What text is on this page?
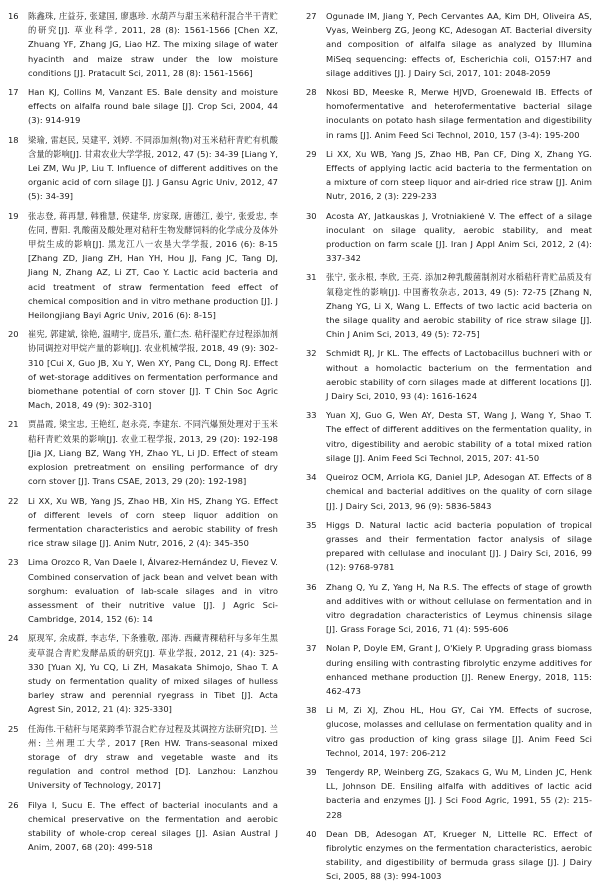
16	陈鑫珠, 庄益芬, 张建国, 廖惠珍. 水葫芦与甜玉米秸秆混合半干青贮的研究[J]. 草业科学, 2011, 28 (8): 1561-1566 [Chen XZ, Zhuang YF, Zhang JG, Liao HZ. The mixing silage of water hyacinth and maize straw under the low moisture conditions [J]. Pratacult Sci, 2011, 28 (8): 1561-1566]
17	Han KJ, Collins M, Vanzant ES. Bale density and moisture effects on alfalfa round bale silage [J]. Crop Sci, 2004, 44 (3): 914-919
18	梁瑜, 雷赵民, 吴建平, 刘婷. 不同添加剂(物)对玉米秸秆青贮有机酸含量的影响[J]. 甘肃农业大学学报, 2012, 47 (5): 34-39 [Liang Y, Lei ZM, Wu JP, Liu T. Influence of different additives on the organic acid of corn silage [J]. J Gansu Agric Univ, 2012, 47 (5): 34-39]
19	张志登, 蒋再慧, 韩雅慧, 侯建华, 房家琛, 唐德江, 姜宁, 张爱忠, 李佐同, 曹阳. 乳酸菌及酸处理对秸秆生物发酵饲料的化学成分及体外甲烷生成的影响[J]. 黑龙江八一农垦大学学报, 2016 (6): 8-15 [Zhang ZD, Jiang ZH, Han YH, Hou JJ, Fang JC, Tang DJ, Jiang N, Zhang AZ, Li ZT, Cao Y. Lactic acid bacteria and acid treatment of straw fermentation feed effect of chemical composition and in vitro methane production [J]. J Heilongjiang Bayi Agric Univ, 2016 (6): 8-15]
20	崔宪, 郭建斌, 徐艳, 温晴宇, 庞昌乐, 董仁杰. 秸秆湿贮存过程添加剂协同调控对甲烷产量的影响[J]. 农业机械学报, 2018, 49 (9): 302-310 [Cui X, Guo JB, Xu Y, Wen XY, Pang CL, Dong RJ. Effect of wet-storage additives on fermentation performance and biomethane potential of corn stover [J]. T Chin Soc Agric Mach, 2018, 49 (9): 302-310]
21	贾晶霞, 梁宝忠, 王艳红, 赵永亮, 李建东. 不同汽爆预处理对于玉米秸秆青贮效果的影响[J]. 农业工程学报, 2013, 29 (20): 192-198 [Jia JX, Liang BZ, Wang YH, Zhao YL, Li JD. Effect of steam explosion pretreatment on ensiling performance of dry corn stover [J]. Trans CSAE, 2013, 29 (20): 192-198]
22	Li XX, Xu WB, Yang JS, Zhao HB, Xin HS, Zhang YG. Effect of different levels of corn steep liquor addition on fermentation characteristics and aerobic stability of fresh rice straw silage [J]. Anim Nutr, 2016, 2 (4): 345-350
23	Lima Orozco R, Van Daele I, Álvarez-Hernández U, Fievez V. Combined conservation of jack bean and velvet bean with sorghum: evaluation of lab-scale silages and in vitro assessment of their nutritive value [J]. J Agric Sci-Cambridge, 2014, 152 (6): 14
24	原现军, 余成群, 李志华, 下条雅敬, 邵涛. 西藏青稞秸秆与多年生黑麦草混合青贮发酵品质的研究[J]. 草业学报, 2012, 21 (4): 325-330 [Yuan XJ, Yu CQ, Li ZH, Masakata Shimojo, Shao T. A study on fermentation quality of mixed silages of hulless barley straw and perennial ryegrass in Tibet [J]. Acta Agrest Sin, 2012, 21 (4): 325-330]
25	任海伟.干秸秆与尾菜跨季节混合贮存过程及其调控方法研究[D]. 兰州: 兰州理工大学, 2017 [Ren HW. Trans-seasonal mixed storage of dry straw and vegetable waste and its regulation and control method [D]. Lanzhou: Lanzhou University of Technology, 2017]
26	Filya I, Sucu E. The effect of bacterial inoculants and a chemical preservative on the fermentation and aerobic stability of whole-crop cereal silages [J]. Asian Austral J Anim, 2007, 68 (20): 499-518
27	Ogunade IM, Jiang Y, Pech Cervantes AA, Kim DH, Oliveira AS, Vyas, Weinberg ZG, Jeong KC, Adesogan AT. Bacterial diversity and composition of alfalfa silage as analyzed by Illumina MiSeq sequencing: effects of, Escherichia coli, O157:H7 and silage additives [J]. J Dairy Sci, 2017, 101: 2048-2059
28	Nkosi BD, Meeske R, Merwe HJVD, Groenewald IB. Effects of homofermentative and heterofermentative bacterial silage inoculants on potato hash silage fermentation and digestibility in rams [J]. Anim Feed Sci Technol, 2010, 157 (3-4): 195-200
29	Li XX, Xu WB, Yang JS, Zhao HB, Pan CF, Ding X, Zhang YG. Effects of applying lactic acid bacteria to the fermentation on a mixture of corn steep liquor and air-dried rice straw [J]. Anim Nutr, 2016, 2 (3): 229-233
30	Acosta AY, Jatkauskas J, Vrotniakienė V. The effect of a silage inoculant on silage quality, aerobic stability, and meat production on farm scale [J]. Iran J Appl Anim Sci, 2012, 2 (4): 337-342
31	张宁, 张永根, 李欣, 王亮. 添加2种乳酸菌制剂对水稻秸秆青贮品质及有氧稳定性的影响[J]. 中国畜牧杂志, 2013, 49 (5): 72-75 [Zhang N, Zhang YG, Li X, Wang L. Effects of two lactic acid bacteria on the silage quality and aerobic stability of rice straw silage [J]. Chin J Anim Sci, 2013, 49 (5): 72-75]
32	Schmidt RJ, Jr KL. The effects of Lactobacillus buchneri with or without a homolactic bacterium on the fermentation and aerobic stability of corn silages made at different locations [J]. J Dairy Sci, 2010, 93 (4): 1616-1624
33	Yuan XJ, Guo G, Wen AY, Desta ST, Wang J, Wang Y, Shao T. The effect of different additives on the fermentation quality, in vitro, digestibility and aerobic stability of a total mixed ration silage [J]. Anim Feed Sci Technol, 2015, 207: 41-50
34	Queiroz OCM, Arriola KG, Daniel JLP, Adesogan AT. Effects of 8 chemical and bacterial additives on the quality of corn silage [J]. J Dairy Sci, 2013, 96 (9): 5836-5843
35	Higgs D. Natural lactic acid bacteria population of tropical grasses and their fermentation factor analysis of silage prepared with cellulase and inoculant [J]. J Dairy Sci, 2016, 99 (12): 9768-9781
36	Zhang Q, Yu Z, Yang H, Na R.S. The effects of stage of growth and additives with or without cellulase on fermentation and in vitro degradation characteristics of Leymus chinensis silage [J]. Grass Forage Sci, 2016, 71 (4): 595-606
37	Nolan P, Doyle EM, Grant J, O'Kiely P. Upgrading grass biomass during ensiling with contrasting fibrolytic enzyme additives for enhanced methane production [J]. Renew Energy, 2018, 115: 462-473
38	Li M, Zi XJ, Zhou HL, Hou GY, Cai YM. Effects of sucrose, glucose, molasses and cellulase on fermentation quality and in vitro gas production of king grass silage [J]. Anim Feed Sci Technol, 2014, 197: 206-212
39	Tengerdy RP, Weinberg ZG, Szakacs G, Wu M, Linden JC, Henk LL, Johnson DE. Ensiling alfalfa with additives of lactic acid bacteria and enzymes [J]. J Sci Food Agric, 1991, 55 (2): 215-228
40	Dean DB, Adesogan AT, Krueger N, Littelle RC. Effect of fibrolytic enzymes on the fermentation characteristics, aerobic stability, and digestibility of bermuda grass silage [J]. J Dairy Sci, 2005, 88 (3): 994-1003
